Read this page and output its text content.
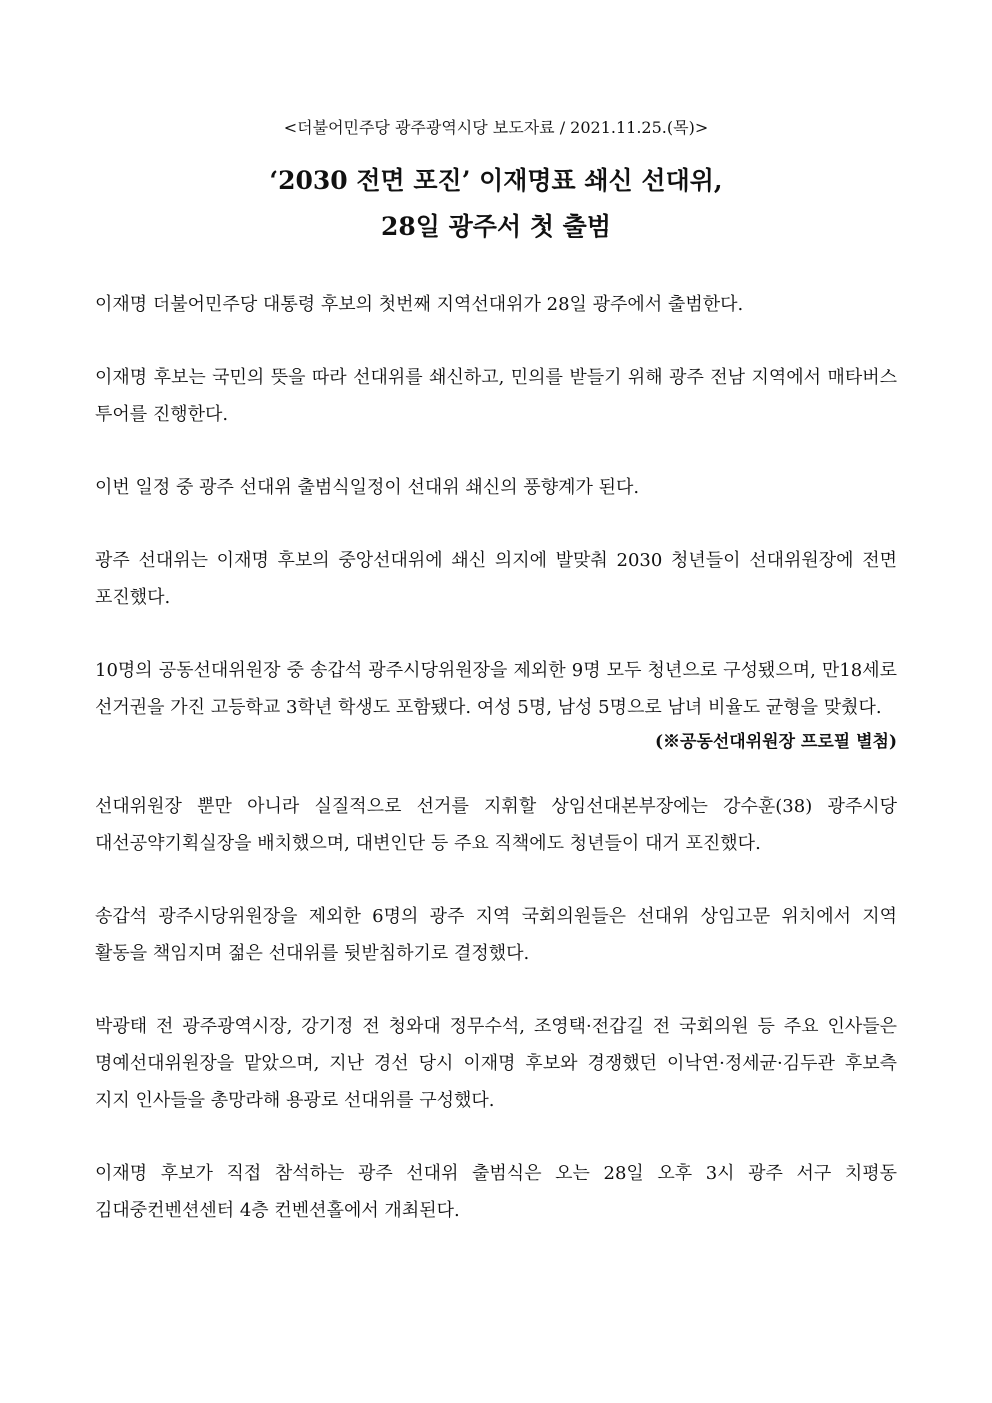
<더불어민주당 광주광역시당 보도자료 / 2021.11.25.(목)>
‘2030 전면 포진’ 이재명표 쇄신 선대위,
28일 광주서 첫 출범

이재명 더불어민주당 대통령 후보의 첫번째 지역선대위가 28일 광주에서 출범한다.

이재명 후보는 국민의 뜻을 따라 선대위를 쇄신하고, 민의를 받들기 위해 광주 전남 지역에서 매타버스 투어를 진행한다.

이번 일정 중 광주 선대위 출범식일정이 선대위 쇄신의 풍향계가 된다.

광주 선대위는 이재명 후보의 중앙선대위에 쇄신 의지에 발맞춰 2030 청년들이 선대위원장에 전면 포진했다.

10명의 공동선대위원장 중 송갑석 광주시당위원장을 제외한 9명 모두 청년으로 구성됐으며, 만18세로 선거권을 가진 고등학교 3학년 학생도 포함됐다. 여성 5명, 남성 5명으로 남녀 비율도 균형을 맞췄다.

(※공동선대위원장 프로필 별첨)

선대위원장 뿐만 아니라 실질적으로 선거를 지휘할 상임선대본부장에는 강수훈(38) 광주시당 대선공약기획실장을 배치했으며, 대변인단 등 주요 직책에도 청년들이 대거 포진했다.

송갑석 광주시당위원장을 제외한 6명의 광주 지역 국회의원들은 선대위 상임고문 위치에서 지역 활동을 책임지며 젊은 선대위를 뒷받침하기로 결정했다.

박광태 전 광주광역시장, 강기정 전 청와대 정무수석, 조영택·전갑길 전 국회의원 등 주요 인사들은 명예선대위원장을 맡았으며, 지난 경선 당시 이재명 후보와 경쟁했던 이낙연·정세균·김두관 후보측 지지 인사들을 총망라해 용광로 선대위를 구성했다.

이재명 후보가 직접 참석하는 광주 선대위 출범식은 오는 28일 오후 3시 광주 서구 치평동 김대중컨벤션센터 4층 컨벤션홀에서 개최된다.
